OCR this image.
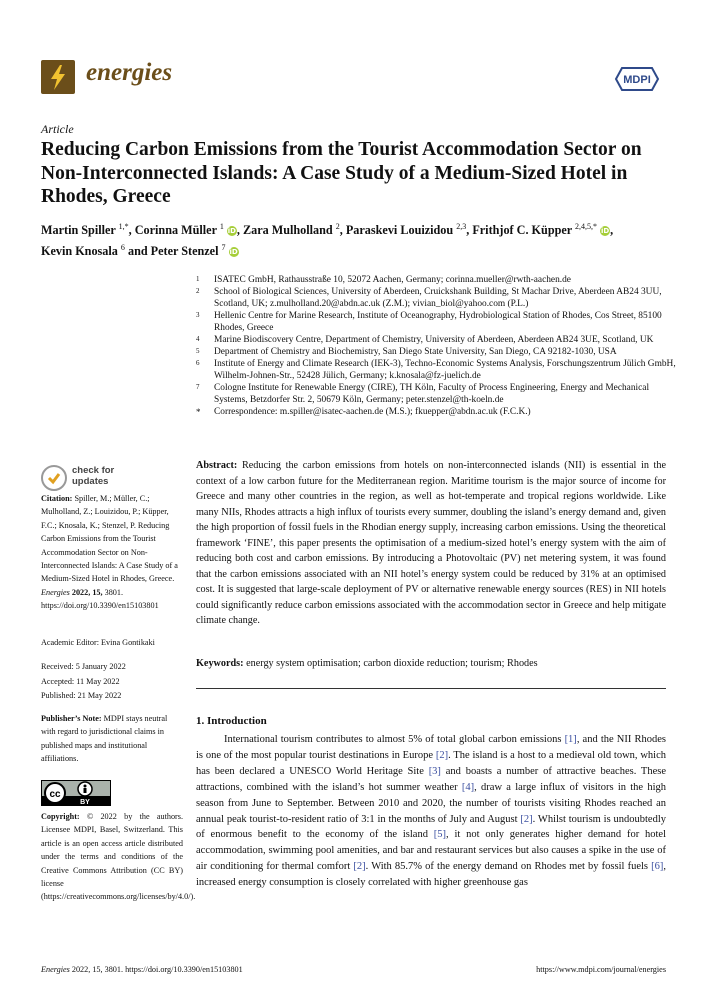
energies	MDPI
Article
Reducing Carbon Emissions from the Tourist Accommodation Sector on Non-Interconnected Islands: A Case Study of a Medium-Sized Hotel in Rhodes, Greece
Martin Spiller $^{1,*}$, Corinna Müller $^1$ iD, Zara Mulholland $^2$, Paraskevi Louizidou $^{2,3}$, Frithjof C. Küpper $^{2,4,5,*}$ iD,
Kevin Knosala $^6$ and Peter Stenzel $^7$ iD
1 ISATEC GmbH, Rathausstraße 10, 52072 Aachen, Germany; corinna.mueller@rwth-aachen.de
2 School of Biological Sciences, University of Aberdeen, Cruickshank Building, St Machar Drive, Aberdeen AB24 3UU, Scotland, UK; z.mulholland.20@abdn.ac.uk (Z.M.); vivian_biol@yahoo.com (P.L.)
3 Hellenic Centre for Marine Research, Institute of Oceanography, Hydrobiological Station of Rhodes, Cos Street, 85100 Rhodes, Greece
4 Marine Biodiscovery Centre, Department of Chemistry, University of Aberdeen, Aberdeen AB24 3UE, Scotland, UK
5 Department of Chemistry and Biochemistry, San Diego State University, San Diego, CA 92182-1030, USA
6 Institute of Energy and Climate Research (IEK-3), Techno-Economic Systems Analysis, Forschungszentrum Jülich GmbH, Wilhelm-Johnen-Str., 52428 Jülich, Germany; k.knosala@fz-juelich.de
7 Cologne Institute for Renewable Energy (CIRE), TH Köln, Faculty of Process Engineering, Energy and Mechanical Systems, Betzdorfer Str. 2, 50679 Köln, Germany; peter.stenzel@th-koeln.de
* Correspondence: m.spiller@isatec-aachen.de (M.S.); fkuepper@abdn.ac.uk (F.C.K.)
check for
updates
Citation: Spiller, M.; Müller, C.; Mulholland, Z.; Louizidou, P.; Küpper, F.C.; Knosala, K.; Stenzel, P. Reducing Carbon Emissions from the Tourist Accommodation Sector on Non-Interconnected Islands: A Case Study of a Medium-Sized Hotel in Rhodes, Greece. Energies 2022, 15, 3801. https://doi.org/10.3390/en15103801
Academic Editor: Evina Gontikaki
Received: 5 January 2022
Accepted: 11 May 2022
Published: 21 May 2022
Publisher’s Note: MDPI stays neutral with regard to jurisdictional claims in published maps and institutional affiliations.
cc
BY
Copyright: © 2022 by the authors. Licensee MDPI, Basel, Switzerland. This article is an open access article distributed under the terms and conditions of the Creative Commons Attribution (CC BY) license (https://creativecommons.org/licenses/by/4.0/).
Abstract: Reducing the carbon emissions from hotels on non-interconnected islands (NII) is essential in the context of a low carbon future for the Mediterranean region. Maritime tourism is the major source of income for Greece and many other countries in the region, as well as hot-temperate and tropical regions worldwide. Like many NIIs, Rhodes attracts a high influx of tourists every summer, doubling the island’s energy demand and, given the high proportion of fossil fuels in the Rhodian energy supply, increasing carbon emissions. Using the theoretical framework ‘FINE’, this paper presents the optimisation of a medium-sized hotel’s energy system with the aim of reducing both cost and carbon emissions. By introducing a Photovoltaic (PV) net metering system, it was found that the carbon emissions associated with an NII hotel’s energy system could be reduced by 31% at an optimised cost. It is suggested that large-scale deployment of PV or alternative renewable energy sources (RES) in NII hotels could significantly reduce carbon emissions associated with the accommodation sector in Greece and help mitigate climate change.
Keywords: energy system optimisation; carbon dioxide reduction; tourism; Rhodes
1. Introduction
International tourism contributes to almost 5% of total global carbon emissions [1], and the NII Rhodes is one of the most popular tourist destinations in Europe [2]. The island is a host to a medieval old town, which has been declared a UNESCO World Heritage Site [3] and boasts a number of attractive beaches. These attractions, combined with the island’s hot summer weather [4], draw a large influx of visitors in the high season from June to September. Between 2010 and 2020, the number of tourists visiting Rhodes reached an annual peak tourist-to-resident ratio of 3:1 in the months of July and August [2]. Whilst tourism is undoubtedly of enormous benefit to the economy of the island [5], it not only generates higher demand for hotel accommodation, swimming pool amenities, and bar and restaurant services but also causes a spike in the use of air conditioning for thermal comfort [2]. With 85.7% of the energy demand on Rhodes met by fossil fuels [6], increased energy consumption is closely correlated with higher greenhouse gas
Energies 2022, 15, 3801. https://doi.org/10.3390/en15103801	https://www.mdpi.com/journal/energies
